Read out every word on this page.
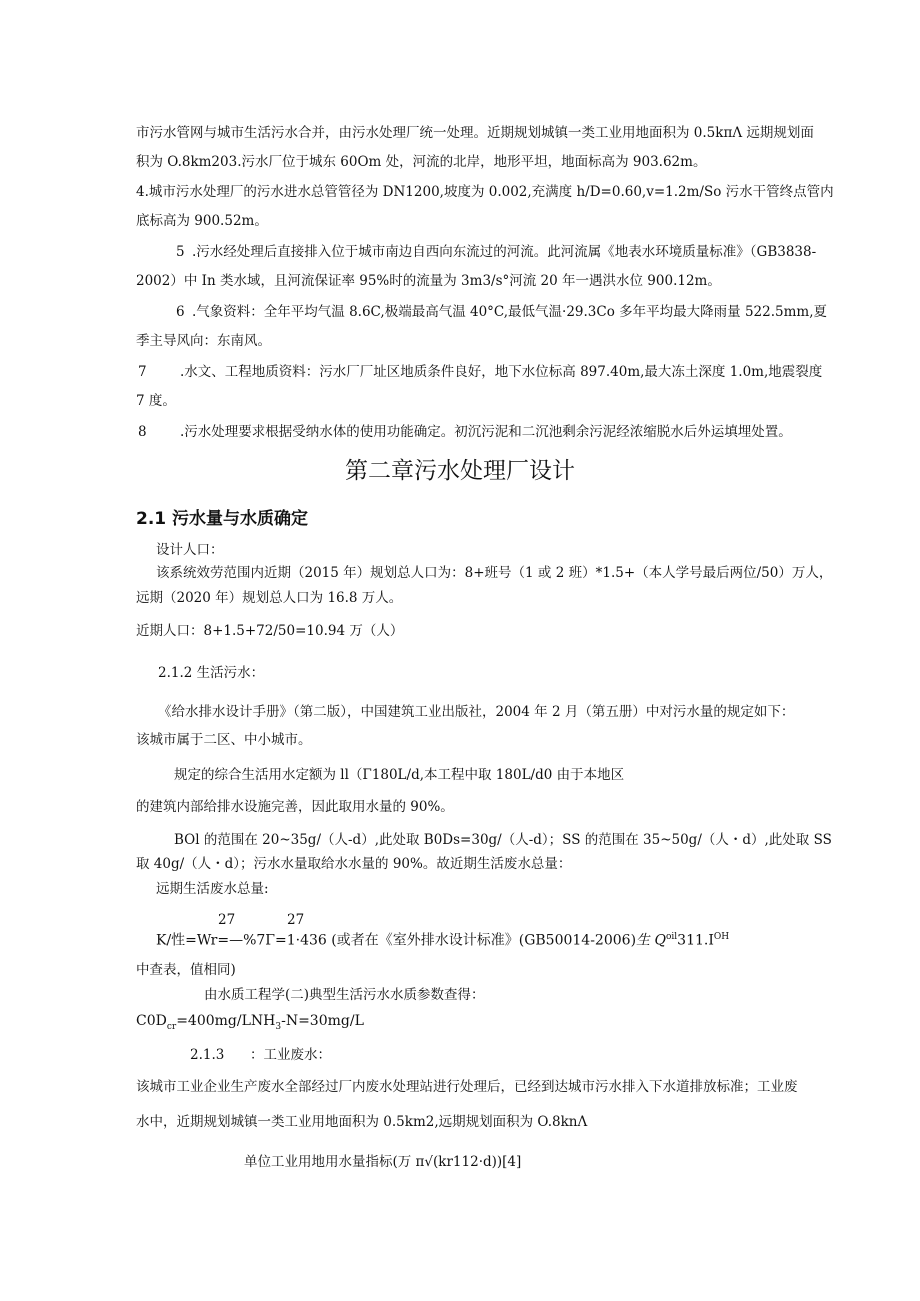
市污水管网与城市生活污水合并，由污水处理厂统一处理。近期规划城镇一类工业用地面积为 0.5kπΛ 远期规划面
积为 O.8km203.污水厂位于城东 60Om 处，河流的北岸，地形平坦，地面标高为 903.62m。
4.城市污水处理厂的污水进水总管管径为 DN1200,坡度为 0.002,充满度 h/D=0.60,v=1.2m/So 污水干管终点管内
底标高为 900.52m。
5 .污水经处理后直接排入位于城市南边自西向东流过的河流。此河流属《地表水环境质量标准》（GB3838-
2002）中 In 类水域，且河流保证率 95%时的流量为 3m3/s°河流 20 年一遇洪水位 900.12m。
6 .气象资料：全年平均气温 8.6C,极端最高气温 40°C,最低气温·29.3Co 多年平均最大降雨量 522.5mm,夏
季主导风向：东南风。
7 .水文、工程地质资料：污水厂厂址区地质条件良好，地下水位标高 897.40m,最大冻土深度 1.0m,地震裂度
7 度。
8 .污水处理要求根据受纳水体的使用功能确定。初沉污泥和二沉池剩余污泥经浓缩脱水后外运填埋处置。
第二章污水处理厂设计
2.1 污水量与水质确定
设计人口：
该系统效劳范围内近期（2015 年）规划总人口为：8+班号（1 或 2 班）*1.5+（本人学号最后两位/50）万人，
远期（2020 年）规划总人口为 16.8 万人。
近期人口：8+1.5+72/50=10.94 万（人）
2.1.2 生活污水：
《给水排水设计手册》（第二版），中国建筑工业出版社，2004 年 2 月（第五册）中对污水量的规定如下：
该城市属于二区、中小城市。
规定的综合生活用水定额为 ll（Γ180L/d,本工程中取 180L/d0 由于本地区
的建筑内部给排水设施完善，因此取用水量的 90%。
BOl 的范围在 20~35g/（人-d）,此处取 B0Ds=30g/（人-d）；SS 的范围在 35~50g/（人・d）,此处取 SS
取 40g/（人・d）；污水水量取给水水量的 90%。故近期生活废水总量：
远期生活废水总量:
27	27
K/性=Wr=—%7Γ=1·436 (或者在《室外排水设计标准》(GB50014-2006)生 $Q^{oil}311.I^{OH}$
中查表，值相同)
由水质工程学(二)典型生活污水水质参数查得：
$C0D_{cr}=400mg/LNH_3-N=30mg/L$
2.1.3 ：工业废水：
该城市工业企业生产废水全部经过厂内废水处理站进行处理后，已经到达城市污水排入下水道排放标准；工业废
水中，近期规划城镇一类工业用地面积为 0.5km2,远期规划面积为 O.8knΛ
单位工业用地用水量指标(万 π√(kr112·d))[4]
